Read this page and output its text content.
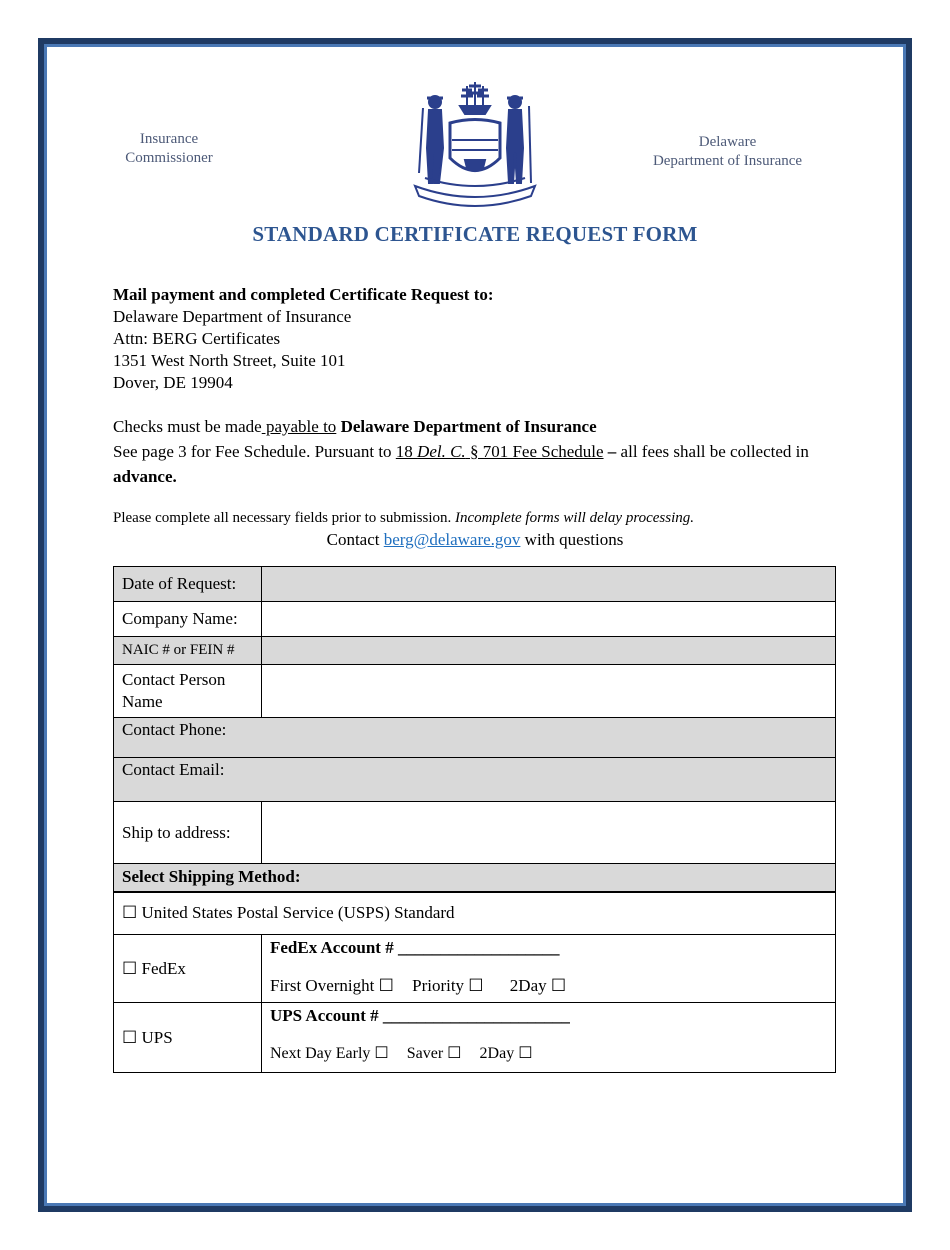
Insurance
Commissioner
Delaware
Department of Insurance
STANDARD CERTIFICATE REQUEST FORM
Mail payment and completed Certificate Request to:
Delaware Department of Insurance
Attn: BERG Certificates
1351 West North Street, Suite 101
Dover, DE 19904
Checks must be made payable to Delaware Department of Insurance
See page 3 for Fee Schedule. Pursuant to 18 Del. C. § 701 Fee Schedule – all fees shall be collected in advance.
Please complete all necessary fields prior to submission. Incomplete forms will delay processing.
Contact berg@delaware.gov with questions
Date of Request:	
Company Name:	
NAIC # or FEIN #	

Contact Person
Name	

Contact Phone:	
Contact Email:	
Ship to address:	
Select Shipping Method:	
☐ United States Postal Service (USPS) Standard	
☐ FedEx	FedEx Account # ___________________
First Overnight ☐ Priority ☐ 2Day ☐

☐ UPS	UPS Account # ______________________
Next Day Early ☐ Saver ☐ 2Day ☐
